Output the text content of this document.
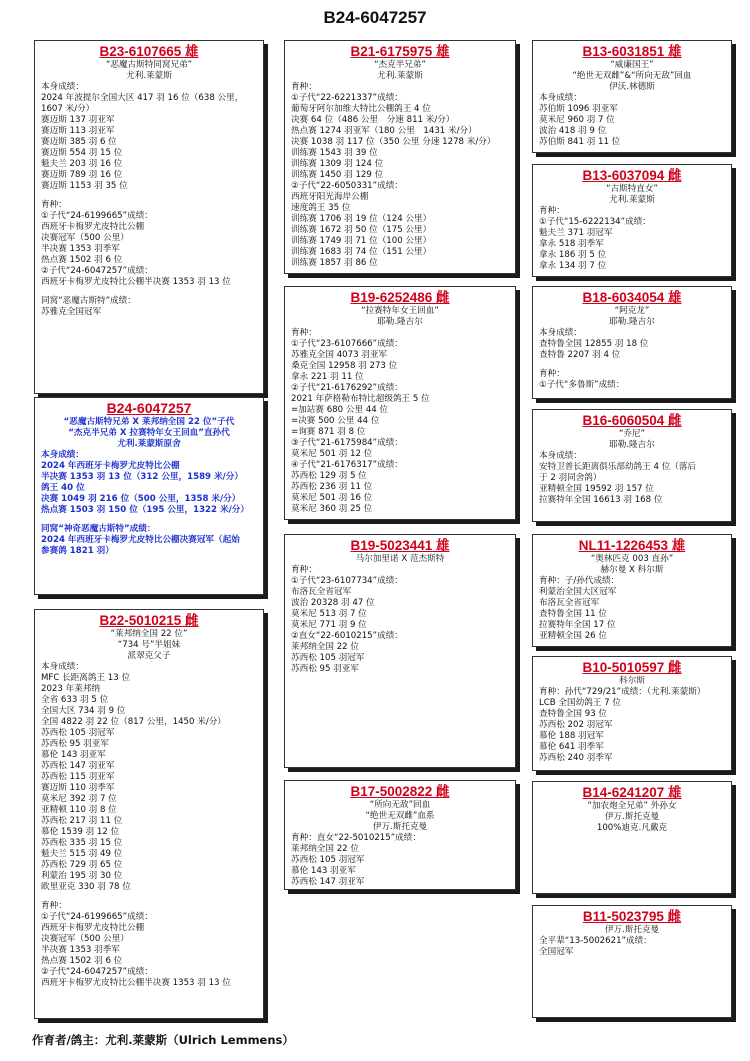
B24-6047257
B23-6107665 雄
“恶魔古斯特同窝兄弟”
尤利.莱蒙斯
本身成绩：
2024 年波提尔全国大区 417 羽 16 位（638 公里，
1607 米/分）
赛迈斯 137 羽亚军
赛迈斯 113 羽亚军
赛迈斯 385 羽 6 位
赛迈斯 554 羽 15 位
魁夫兰 203 羽 16 位
赛迈斯 789 羽 16 位
赛迈斯 1153 羽 35 位
育种：
①子代“24-6199665”成绩：
西班牙卡梅罗尤皮特比公棚
决赛冠军（500 公里）
半决赛 1353 羽季军
热点赛 1502 羽 6 位
②子代“24-6047257”成绩：
西班牙卡梅罗尤皮特比公棚半决赛 1353 羽 13 位
同窝“恶魔古斯特”成绩：
苏雅克全国冠军
B24-6047257
“恶魔古斯特兄弟 X 莱邦纳全国 22 位”子代
“杰克半兄弟 X 拉赛特年女王回血”直孙代
尤利.莱蒙斯原舍
本身成绩：
2024 年西班牙卡梅罗尤皮特比公棚
半决赛 1353 羽 13 位（312 公里，1589 米/分）
鸽王 40 位
决赛 1049 羽 216 位（500 公里，1358 米/分）
热点赛 1503 羽 150 位（195 公里，1322 米/分）
同窝“神奇恶魔古斯特”成绩：
2024 年西班牙卡梅罗尤皮特比公棚决赛冠军（起始
参赛鸽 1821 羽）
B22-5010215 雌
“莱邦纳全国 22 位”
“734 号”半姐妹
派翠克父子
本身成绩：
MFC 长距离鸽王 13 位
2023 年莱邦纳
全省 633 羽 5 位
全国大区 734 羽 9 位
全国 4822 羽 22 位（817 公里，1450 米/分）
苏西松 105 羽冠军
苏西松 95 羽亚军
慕伦 143 羽亚军
苏西松 147 羽亚军
苏西松 115 羽亚军
赛迈斯 110 羽季军
莫米尼 392 羽 7 位
亚精顿 110 羽 8 位
苏西松 217 羽 11 位
慕伦 1539 羽 12 位
苏西松 335 羽 15 位
魁夫兰 515 羽 49 位
苏西松 729 羽 65 位
利蒙治 195 羽 30 位
欧里亚克 330 羽 78 位
育种：
①子代“24-6199665”成绩：
西班牙卡梅罗尤皮特比公棚
决赛冠军（500 公里）
半决赛 1353 羽季军
热点赛 1502 羽 6 位
②子代“24-6047257”成绩：
西班牙卡梅罗尤皮特比公棚半决赛 1353 羽 13 位
B21-6175975 雄
“杰克半兄弟”
尤利.莱蒙斯
育种：
①子代“22-6221337”成绩：
葡萄牙阿尔加维大特比公棚鸽王 4 位
决赛 64 位（486 公里　分速 811 米/分）
热点赛 1274 羽亚军（180 公里　1431 米/分）
决赛 1038 羽 117 位（350 公里 分速 1278 米/分）
训练赛 1543 羽 39 位
训练赛 1309 羽 124 位
训练赛 1450 羽 129 位
②子代“22-6050331”成绩：
西班牙阳光海岸公棚
速度鸽王 35 位
训练赛 1706 羽 19 位（124 公里）
训练赛 1672 羽 50 位（175 公里）
训练赛 1749 羽 71 位（100 公里）
训练赛 1683 羽 74 位（151 公里）
训练赛 1857 羽 86 位
B19-6252486 雌
“拉赛特年女王回血”
耶勒.隆吉尔
育种：
①子代“23-6107666”成绩：
苏雅克全国 4073 羽亚军
桑克全国 12958 羽 273 位
拿永 221 羽 11 位
②子代“21-6176292”成绩：
2021 年萨格勒布特比超级鸽王 5 位
=加站赛 680 公里 44 位
=决赛 500 公里 44 位
=询赛 871 羽 8 位
③子代“21-6175984”成绩：
莫米尼 501 羽 12 位
④子代“21-6176317”成绩：
苏西松 129 羽 5 位
苏西松 236 羽 11 位
莫米尼 501 羽 16 位
莫米尼 360 羽 25 位
B19-5023441 雄
马尔加里诺 X 范杰斯特
育种：
①子代“23-6107734”成绩：
布洛瓦全省冠军
波治 20328 羽 47 位
莫米尼 513 羽 7 位
莫米尼 771 羽 9 位
②直女“22-6010215”成绩：
莱邦纳全国 22 位
苏西松 105 羽冠军
苏西松 95 羽亚军
B17-5002822 雌
“所向无敌”回血
“绝世无双雌”血系
伊万.斯托克曼
育种：直女“22-5010215”成绩：
莱邦纳全国 22 位
苏西松 105 羽冠军
慕伦 143 羽亚军
苏西松 147 羽亚军
B13-6031851 雄
“威廉国王”
“绝世无双雌”&“所向无敌”回血
伊沃.林德斯
本身成绩：
苏伯斯 1096 羽亚军
莫米尼 960 羽 7 位
波治 418 羽 9 位
苏伯斯 841 羽 11 位
B13-6037094 雌
“古斯特直女”
尤利.莱蒙斯
育种：
①子代“15-6222134”成绩：
魁夫兰 371 羽冠军
拿永 518 羽季军
拿永 186 羽 5 位
拿永 134 羽 7 位
B18-6034054 雄
“阿克龙”
耶勒.隆吉尔
本身成绩：
查特鲁全国 12855 羽 18 位
查特鲁 2207 羽 4 位
育种：
①子代“多鲁斯”成绩：
B16-6060504 雌
“乔尼”
耶勒.隆吉尔
本身成绩：
安特卫普长距离俱乐部幼鸽王 4 位（落后
于 2 羽同舍鸽）
亚精顿全国 19592 羽 157 位
拉赛特年全国 16613 羽 168 位
NL11-1226453 雄
“奥林匹克 003 直孙”
赫尔曼 X 科尔斯
育种：子/孙代成绩：
利蒙治全国大区冠军
布洛瓦全省冠军
查特鲁全国 11 位
拉赛特年全国 17 位
亚精顿全国 26 位
B10-5010597 雌
科尔斯
育种：孙代“729/21”成绩：（尤利.莱蒙斯）
LCB 全国幼鸽王 7 位
查特鲁全国 93 位
苏西松 202 羽冠军
慕伦 188 羽冠军
慕伦 641 羽季军
苏西松 240 羽季军
B14-6241207 雄
“加农炮全兄弟” 外孙女
伊万.斯托克曼
100%迪克.凡戴克
B11-5023795 雌
伊万.斯托克曼
全平辈“13-5002621”成绩：
全国冠军
作育者/鸽主：尤利.莱蒙斯（Ulrich Lemmens）
